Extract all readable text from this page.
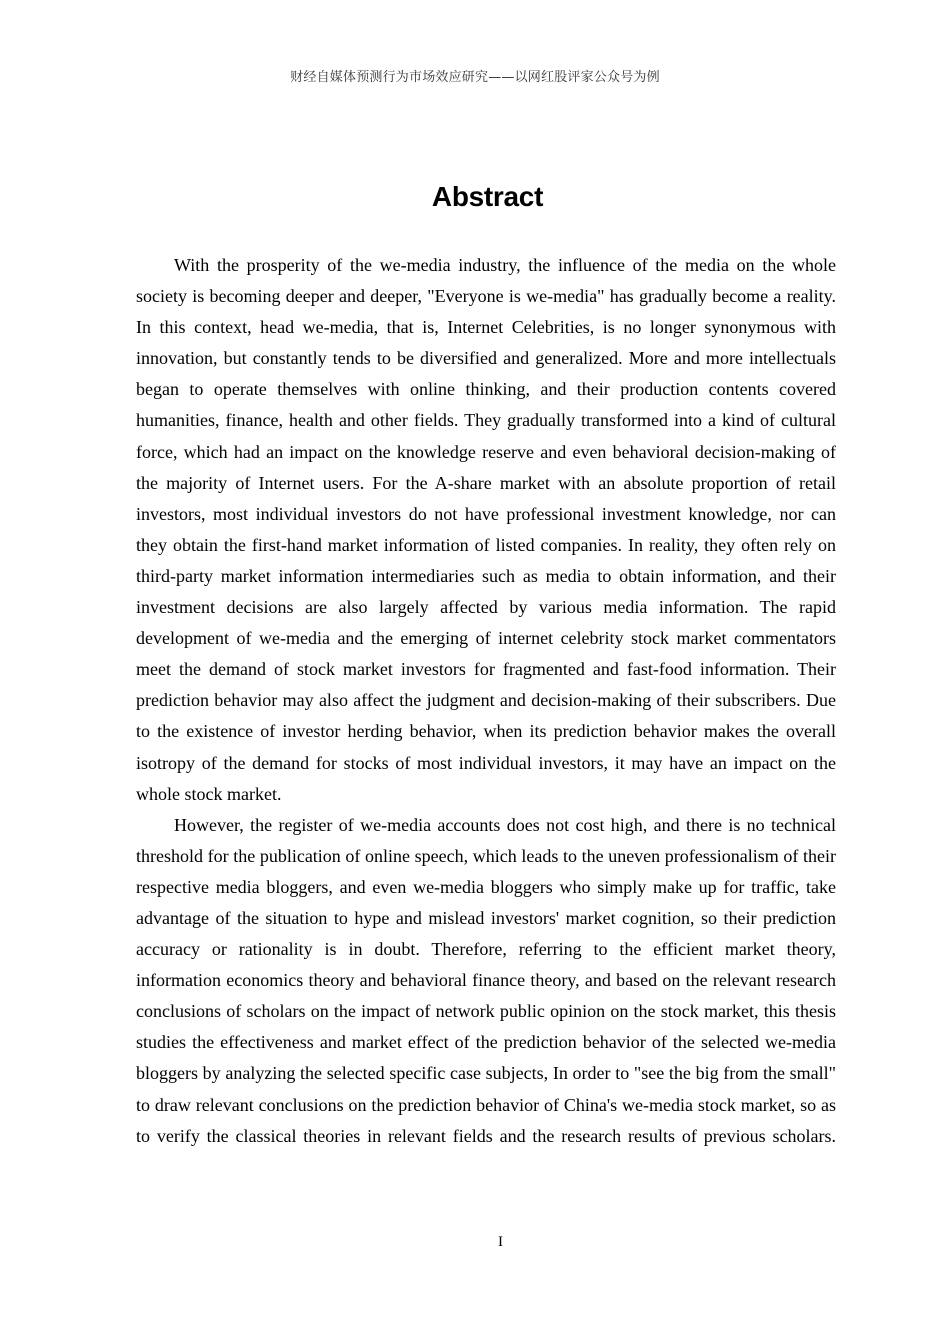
财经自媒体预测行为市场效应研究——以网红股评家公众号为例
Abstract

With the prosperity of the we-media industry, the influence of the media on the whole society is becoming deeper and deeper, "Everyone is we-media" has gradually become a reality. In this context, head we-media, that is, Internet Celebrities, is no longer synonymous with innovation, but constantly tends to be diversified and generalized. More and more intellectuals began to operate themselves with online thinking, and their production contents covered humanities, finance, health and other fields. They gradually transformed into a kind of cultural force, which had an impact on the knowledge reserve and even behavioral decision-making of the majority of Internet users. For the A-share market with an absolute proportion of retail investors, most individual investors do not have professional investment knowledge, nor can they obtain the first-hand market information of listed companies. In reality, they often rely on third-party market information intermediaries such as media to obtain information, and their investment decisions are also largely affected by various media information. The rapid development of we-media and the emerging of internet celebrity stock market commentators meet the demand of stock market investors for fragmented and fast-food information. Their prediction behavior may also affect the judgment and decision-making of their subscribers. Due to the existence of investor herding behavior, when its prediction behavior makes the overall isotropy of the demand for stocks of most individual investors, it may have an impact on the whole stock market.

However, the register of we-media accounts does not cost high, and there is no technical threshold for the publication of online speech, which leads to the uneven professionalism of their respective media bloggers, and even we-media bloggers who simply make up for traffic, take advantage of the situation to hype and mislead investors' market cognition, so their prediction accuracy or rationality is in doubt. Therefore, referring to the efficient market theory, information economics theory and behavioral finance theory, and based on the relevant research conclusions of scholars on the impact of network public opinion on the stock market, this thesis studies the effectiveness and market effect of the prediction behavior of the selected we-media bloggers by analyzing the selected specific case subjects, In order to "see the big from the small" to draw relevant conclusions on the prediction behavior of China's we-media stock market, so as to verify the classical theories in relevant fields and the research results of previous scholars.

I
